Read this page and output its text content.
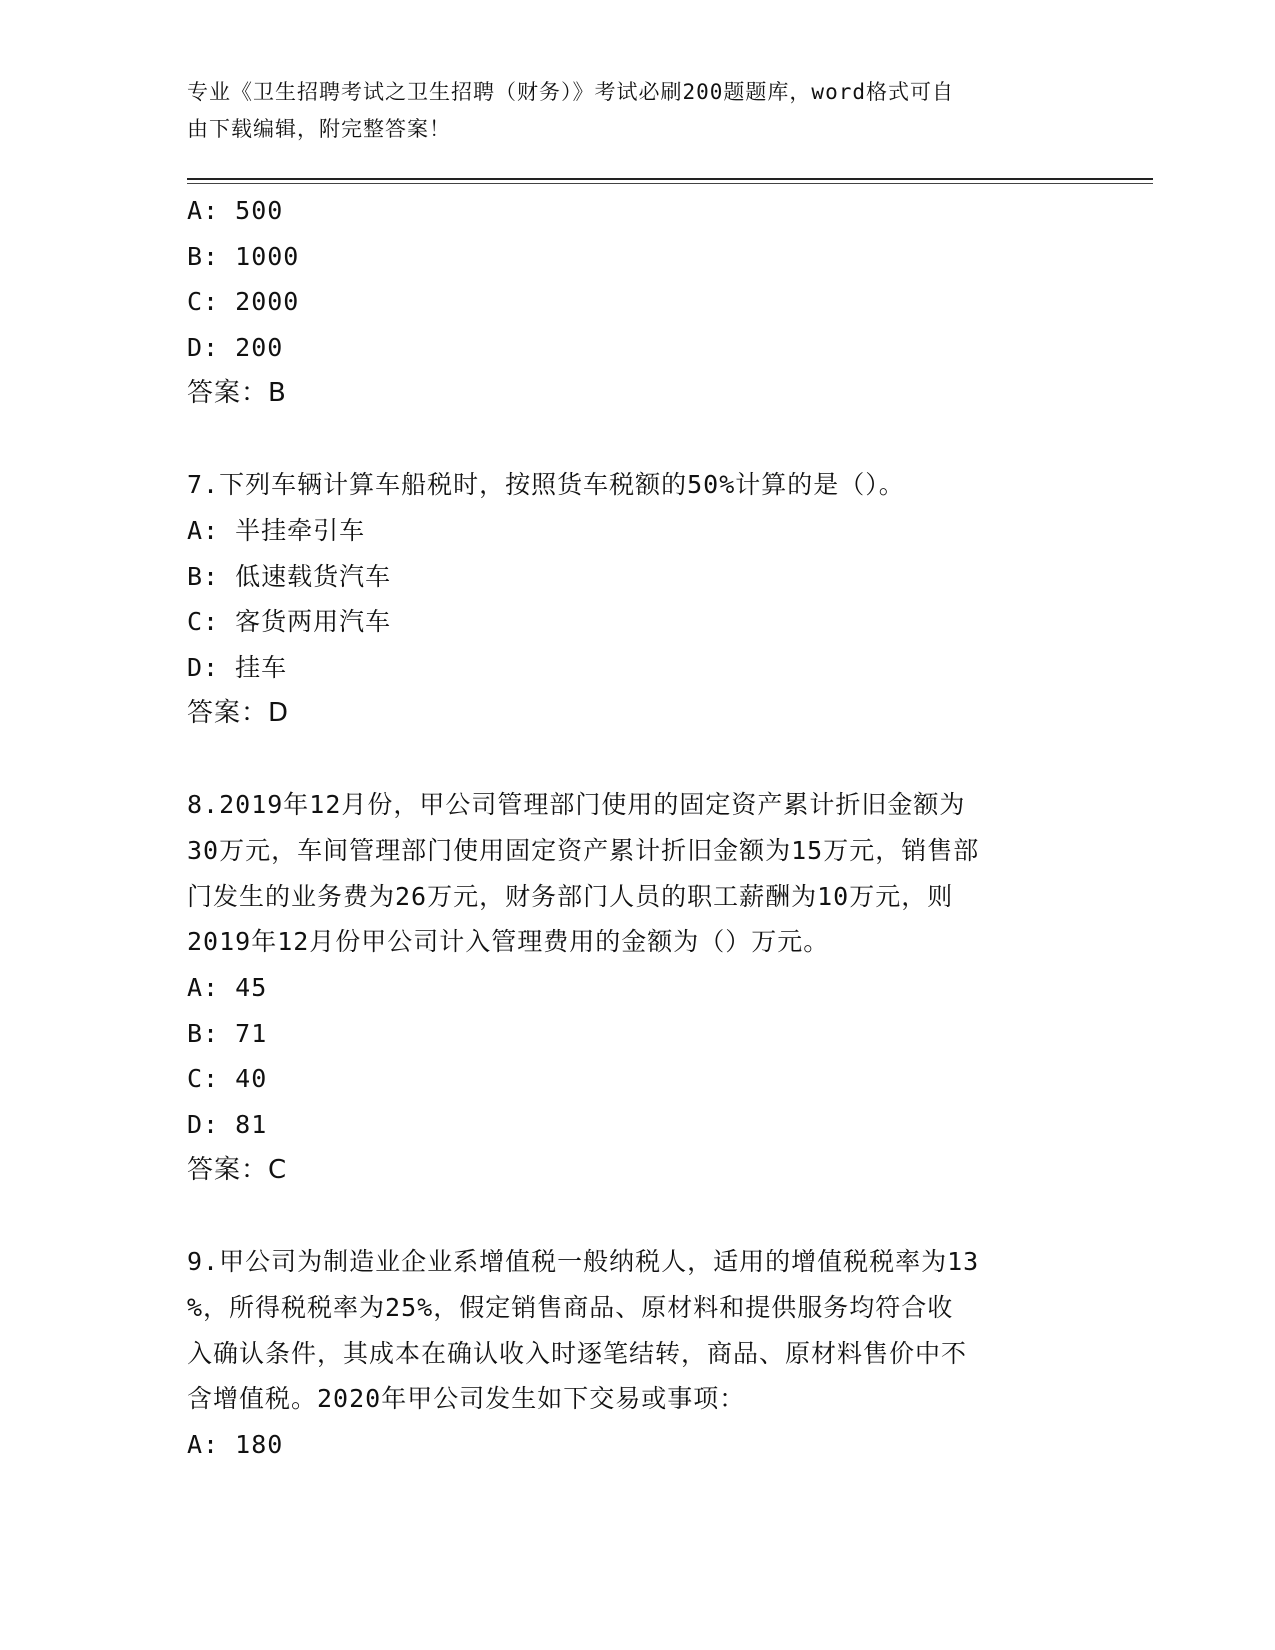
专业《卫生招聘考试之卫生招聘（财务）》考试必刷200题题库，word格式可自
由下载编辑，附完整答案！
A: 500
B: 1000
C: 2000
D: 200
答案：B
7.下列车辆计算车船税时，按照货车税额的50%计算的是（）。
A: 半挂牵引车
B: 低速载货汽车
C: 客货两用汽车
D: 挂车
答案：D
8.2019年12月份，甲公司管理部门使用的固定资产累计折旧金额为
30万元，车间管理部门使用固定资产累计折旧金额为15万元，销售部
门发生的业务费为26万元，财务部门人员的职工薪酬为10万元，则
2019年12月份甲公司计入管理费用的金额为（）万元。
A: 45
B: 71
C: 40
D: 81
答案：C
9.甲公司为制造业企业系增值税一般纳税人，适用的增值税税率为13
%，所得税税率为25%，假定销售商品、原材料和提供服务均符合收
入确认条件，其成本在确认收入时逐笔结转，商品、原材料售价中不
含增值税。2020年甲公司发生如下交易或事项：
A: 180
